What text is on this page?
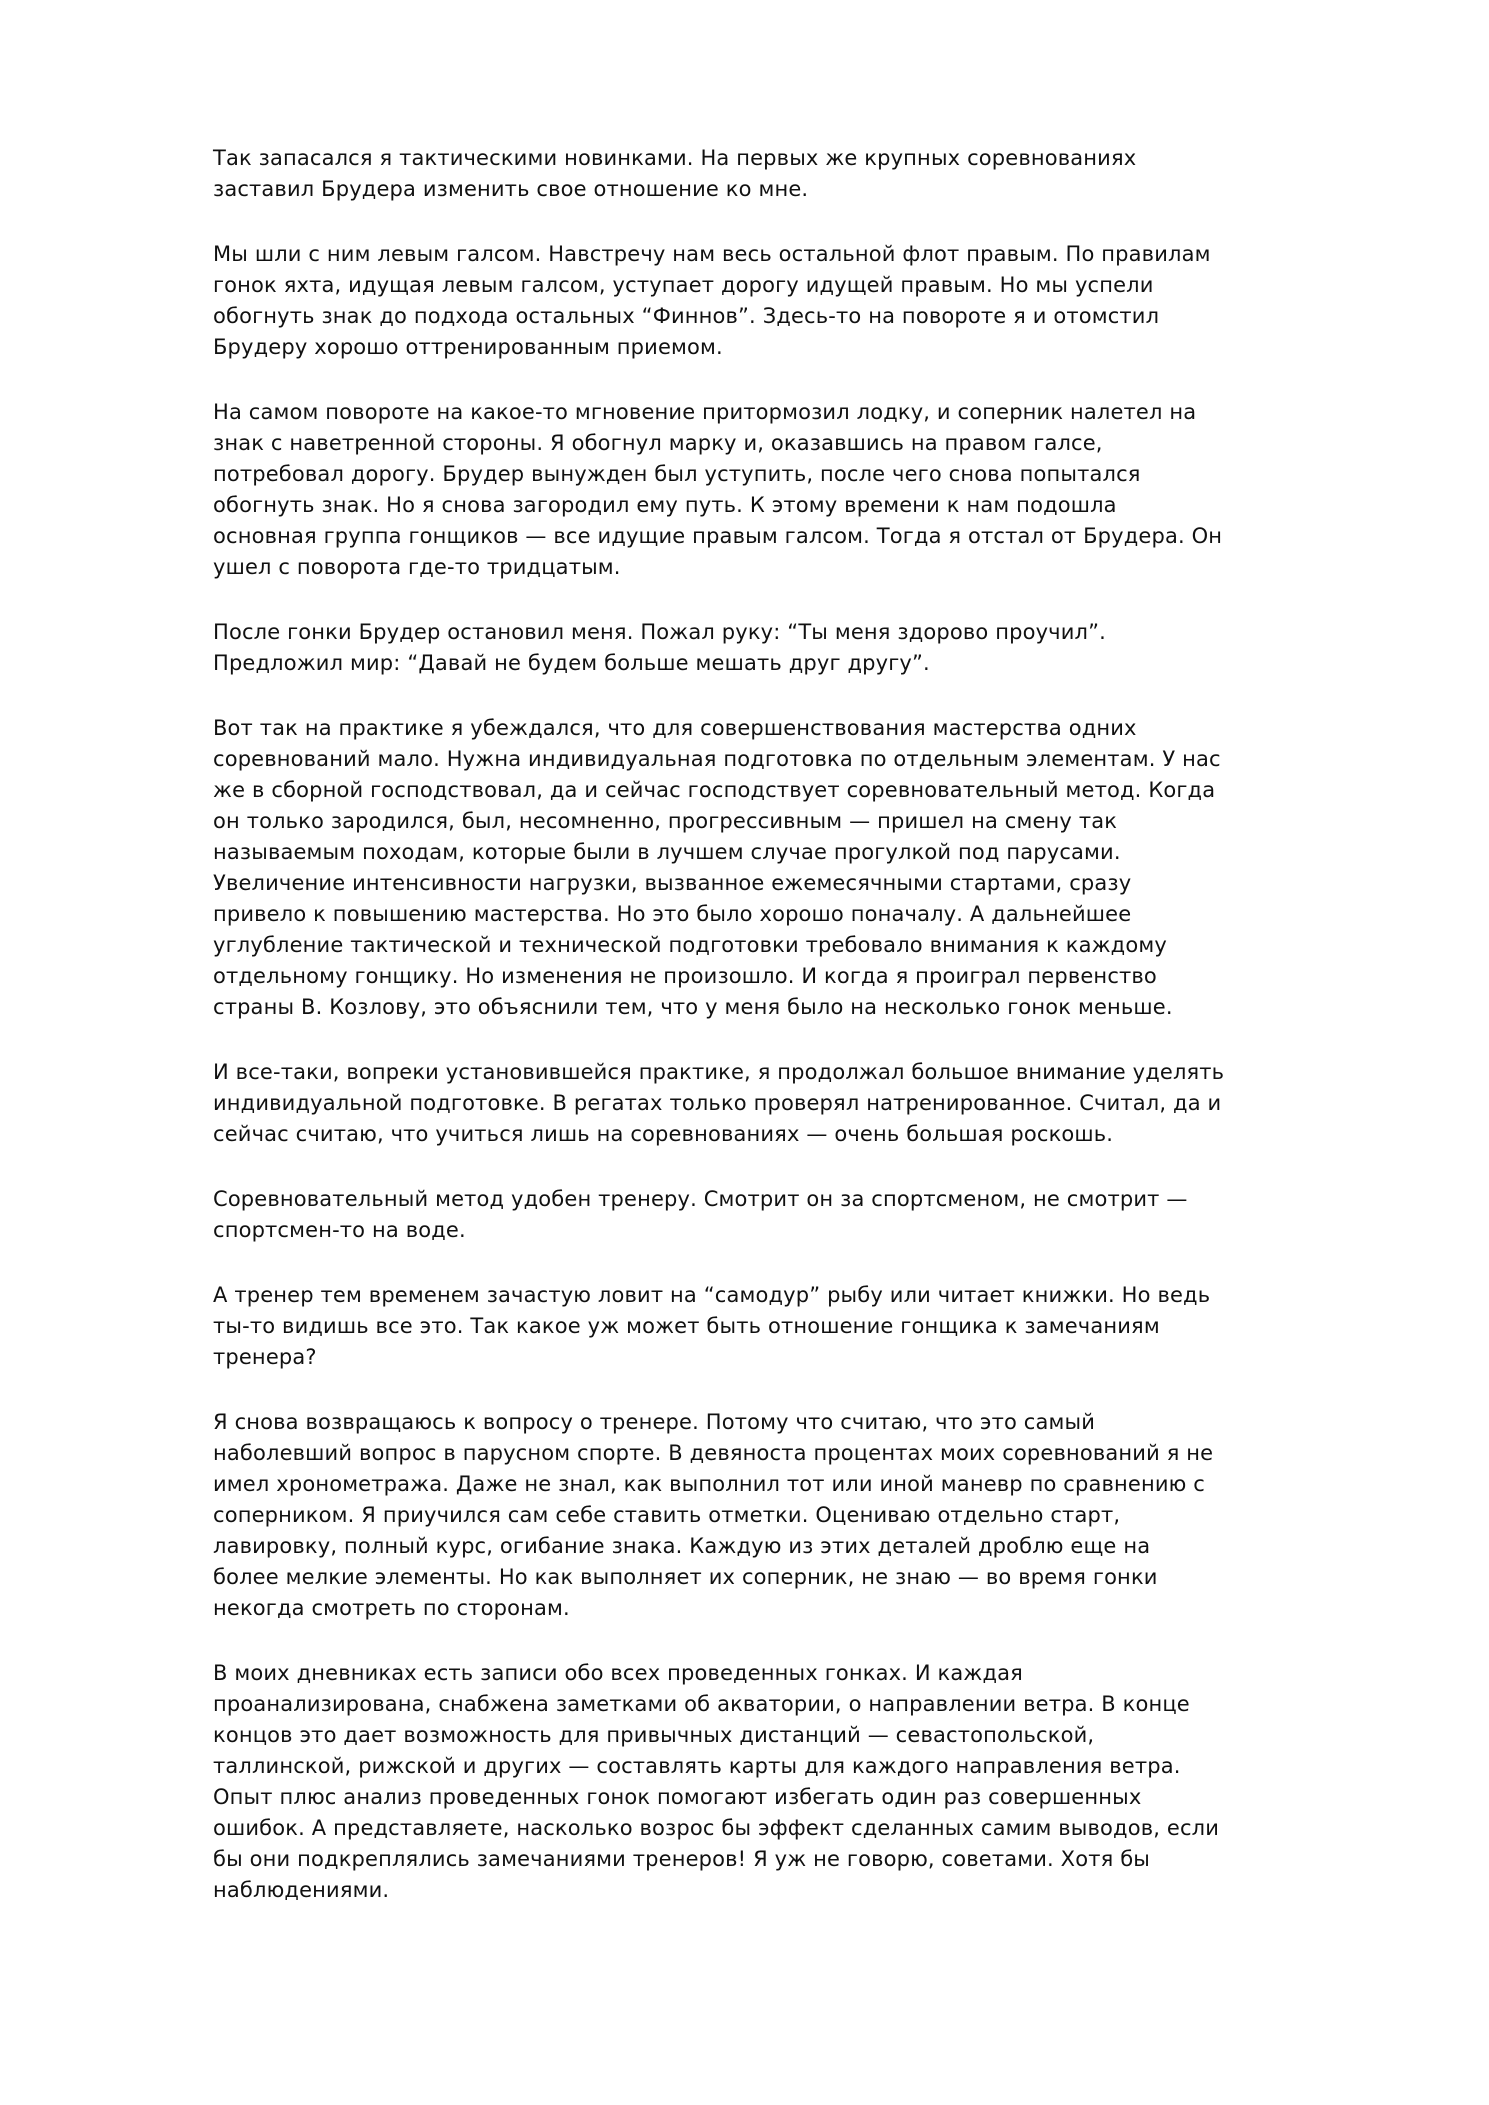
Так запасался я тактическими новинками. На первых же крупных соревнованиях
заставил Брудера изменить свое отношение ко мне.

Мы шли с ним левым галсом. Навстречу нам весь остальной флот правым. По правилам
гонок яхта, идущая левым галсом, уступает дорогу идущей правым. Но мы успели
обогнуть знак до подхода остальных “Финнов”. Здесь-то на повороте я и отомстил
Брудеру хорошо оттренированным приемом.

На самом повороте на какое-то мгновение притормозил лодку, и соперник налетел на
знак с наветренной стороны. Я обогнул марку и, оказавшись на правом галсе,
потребовал дорогу. Брудер вынужден был уступить, после чего снова попытался
обогнуть знак. Но я снова загородил ему путь. К этому времени к нам подошла
основная группа гонщиков — все идущие правым галсом. Тогда я отстал от Брудера. Он
ушел с поворота где-то тридцатым.

После гонки Брудер остановил меня. Пожал руку: “Ты меня здорово проучил”.
Предложил мир: “Давай не будем больше мешать друг другу”.

Вот так на практике я убеждался, что для совершенствования мастерства одних
соревнований мало. Нужна индивидуальная подготовка по отдельным элементам. У нас
же в сборной господствовал, да и сейчас господствует соревновательный метод. Когда
он только зародился, был, несомненно, прогрессивным — пришел на смену так
называемым походам, которые были в лучшем случае прогулкой под парусами.
Увеличение интенсивности нагрузки, вызванное ежемесячными стартами, сразу
привело к повышению мастерства. Но это было хорошо поначалу. А дальнейшее
углубление тактической и технической подготовки требовало внимания к каждому
отдельному гонщику. Но изменения не произошло. И когда я проиграл первенство
страны В. Козлову, это объяснили тем, что у меня было на несколько гонок меньше.

И все-таки, вопреки установившейся практике, я продолжал большое внимание уделять
индивидуальной подготовке. В регатах только проверял натренированное. Считал, да и
сейчас считаю, что учиться лишь на соревнованиях — очень большая роскошь.

Соревновательный метод удобен тренеру. Смотрит он за спортсменом, не смотрит —
спортсмен-то на воде.

А тренер тем временем зачастую ловит на “самодур” рыбу или читает книжки. Но ведь
ты-то видишь все это. Так какое уж может быть отношение гонщика к замечаниям
тренера?

Я снова возвращаюсь к вопросу о тренере. Потому что считаю, что это самый
наболевший вопрос в парусном спорте. В девяноста процентах моих соревнований я не
имел хронометража. Даже не знал, как выполнил тот или иной маневр по сравнению с
соперником. Я приучился сам себе ставить отметки. Оцениваю отдельно старт,
лавировку, полный курс, огибание знака. Каждую из этих деталей дроблю еще на
более мелкие элементы. Но как выполняет их соперник, не знаю — во время гонки
некогда смотреть по сторонам.

В моих дневниках есть записи обо всех проведенных гонках. И каждая
проанализирована, снабжена заметками об акватории, о направлении ветра. В конце
концов это дает возможность для привычных дистанций — севастопольской,
таллинской, рижской и других — составлять карты для каждого направления ветра.
Опыт плюс анализ проведенных гонок помогают избегать один раз совершенных
ошибок. А представляете, насколько возрос бы эффект сделанных самим выводов, если
бы они подкреплялись замечаниями тренеров! Я уж не говорю, советами. Хотя бы
наблюдениями.
